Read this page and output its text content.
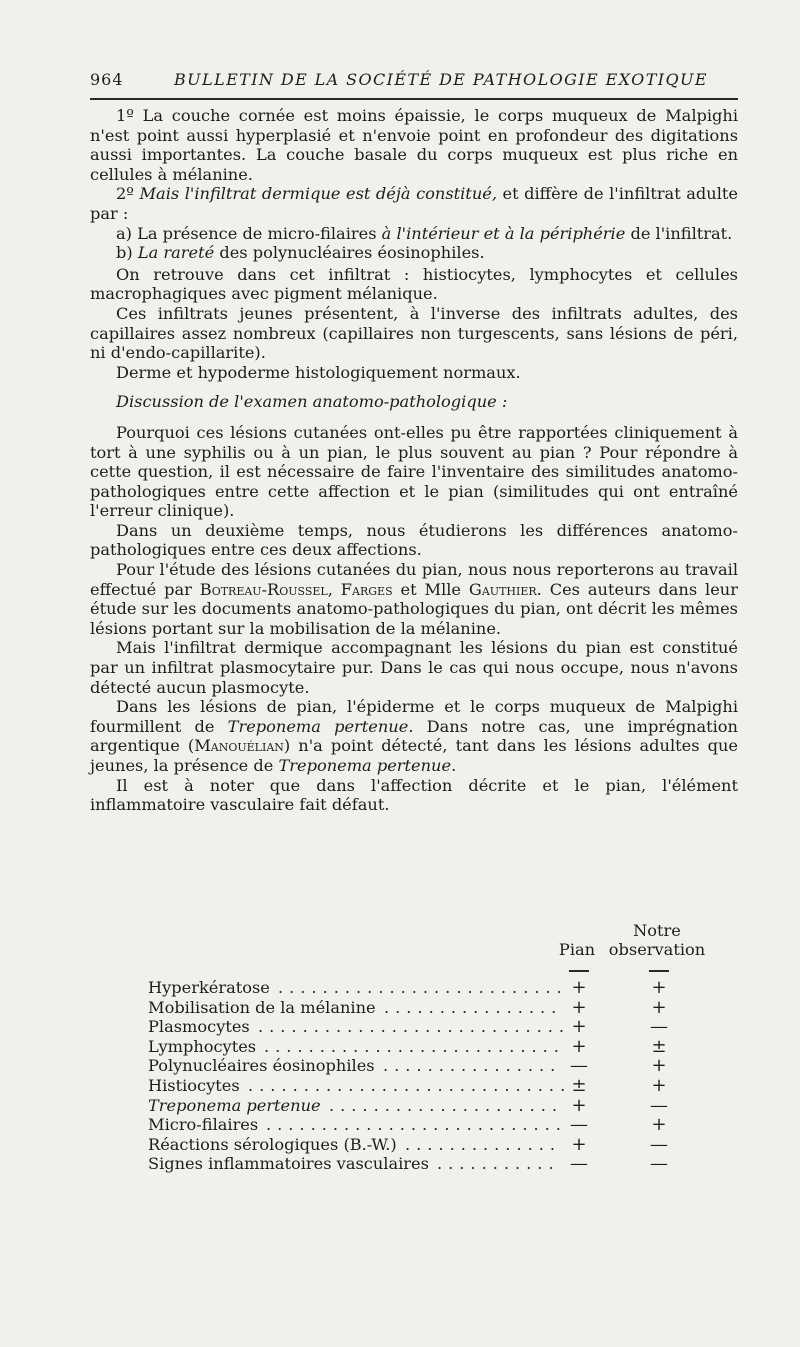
964	BULLETIN DE LA SOCIÉTÉ DE PATHOLOGIE EXOTIQUE

1º La couche cornée est moins épaissie, le corps muqueux de Malpighi n'est point aussi hyperplasié et n'envoie point en profondeur des digitations aussi importantes. La couche basale du corps muqueux est plus riche en cellules à mélanine.

2º Mais l'infiltrat dermique est déjà constitué, et diffère de l'infiltrat adulte par :

a) La présence de micro-filaires à l'intérieur et à la périphérie de l'infiltrat.

b) La rareté des polynucléaires éosinophiles.

On retrouve dans cet infiltrat : histiocytes, lymphocytes et cellules macrophagiques avec pigment mélanique.

Ces infiltrats jeunes présentent, à l'inverse des infiltrats adultes, des capillaires assez nombreux (capillaires non turgescents, sans lésions de péri, ni d'endo-capillarite).

Derme et hypoderme histologiquement normaux.

Discussion de l'examen anatomo-pathologique :

Pourquoi ces lésions cutanées ont-elles pu être rapportées cliniquement à tort à une syphilis ou à un pian, le plus souvent au pian ? Pour répondre à cette question, il est nécessaire de faire l'inventaire des similitudes anatomo-pathologiques entre cette affection et le pian (similitudes qui ont entraîné l'erreur clinique).

Dans un deuxième temps, nous étudierons les différences anatomo-pathologiques entre ces deux affections.

Pour l'étude des lésions cutanées du pian, nous nous reporterons au travail effectué par Botreau-Roussel, Farges et Mlle Gauthier. Ces auteurs dans leur étude sur les documents anatomo-pathologiques du pian, ont décrit les mêmes lésions portant sur la mobilisation de la mélanine.

Mais l'infiltrat dermique accompagnant les lésions du pian est constitué par un infiltrat plasmocytaire pur. Dans le cas qui nous occupe, nous n'avons détecté aucun plasmocyte.

Dans les lésions de pian, l'épiderme et le corps muqueux de Malpighi fourmillent de Treponema pertenue. Dans notre cas, une imprégnation argentique (Manouélian) n'a point détecté, tant dans les lésions adultes que jeunes, la présence de Treponema pertenue.

Il est à noter que dans l'affection décrite et le pian, l'élément inflammatoire vasculaire fait défaut.

Pian
Notre
observation
Hyperkératose .......................... +	+
Mobilisation de la mélanine ................ +	+
Plasmocytes ............................ +	—
Lymphocytes ........................... +	±
Polynucléaires éosinophiles ................ —	+
Histiocytes ............................. ±	+
Treponema pertenue ..................... +	—
Micro-filaires ........................... —	+
Réactions sérologiques (B.-W.) .............. +	—
Signes inflammatoires vasculaires ........... —	—
